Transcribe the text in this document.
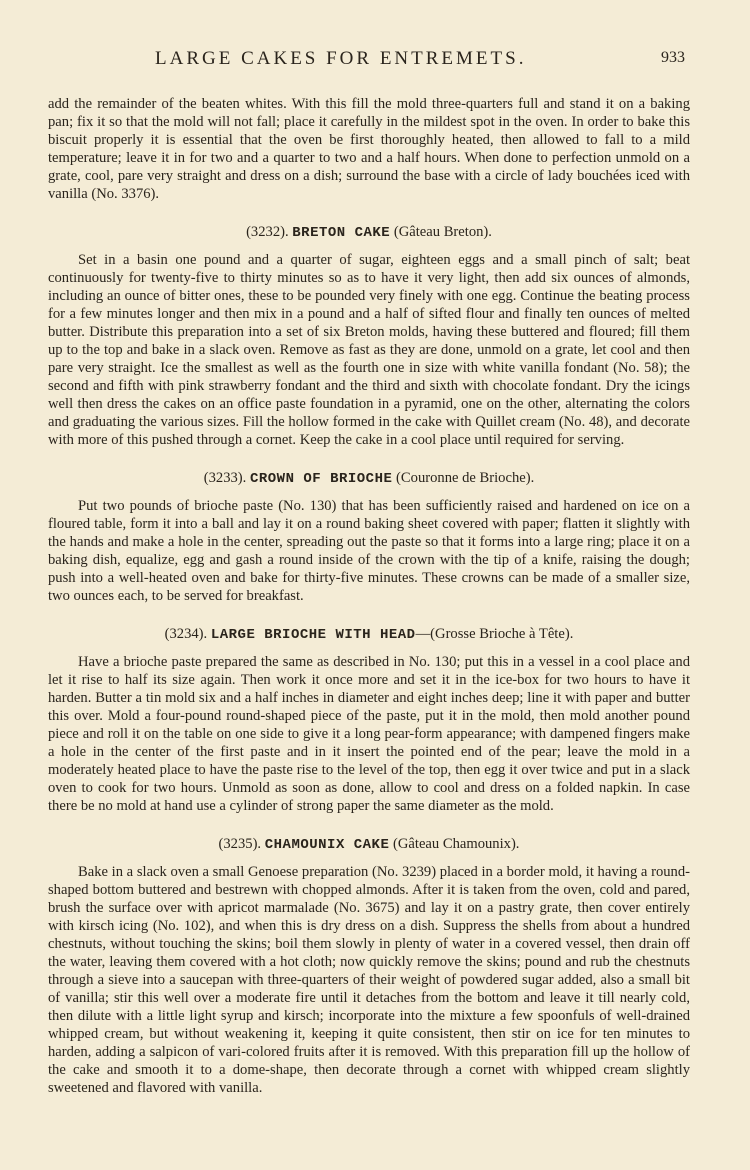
LARGE CAKES FOR ENTREMETS.	933

add the remainder of the beaten whites. With this fill the mold three-quarters full and stand it on a baking pan; fix it so that the mold will not fall; place it carefully in the mildest spot in the oven. In order to bake this biscuit properly it is essential that the oven be first thoroughly heated, then allowed to fall to a mild temperature; leave it in for two and a quarter to two and a half hours. When done to perfection unmold on a grate, cool, pare very straight and dress on a dish; surround the base with a circle of lady bouchées iced with vanilla (No. 3376).

(3232). BRETON CAKE (Gâteau Breton).

Set in a basin one pound and a quarter of sugar, eighteen eggs and a small pinch of salt; beat continuously for twenty-five to thirty minutes so as to have it very light, then add six ounces of almonds, including an ounce of bitter ones, these to be pounded very finely with one egg. Continue the beating process for a few minutes longer and then mix in a pound and a half of sifted flour and finally ten ounces of melted butter. Distribute this preparation into a set of six Breton molds, having these buttered and floured; fill them up to the top and bake in a slack oven. Remove as fast as they are done, unmold on a grate, let cool and then pare very straight. Ice the smallest as well as the fourth one in size with white vanilla fondant (No. 58); the second and fifth with pink strawberry fondant and the third and sixth with chocolate fondant. Dry the icings well then dress the cakes on an office paste foundation in a pyramid, one on the other, alternating the colors and graduating the various sizes. Fill the hollow formed in the cake with Quillet cream (No. 48), and decorate with more of this pushed through a cornet. Keep the cake in a cool place until required for serving.

(3233). CROWN OF BRIOCHE (Couronne de Brioche).

Put two pounds of brioche paste (No. 130) that has been sufficiently raised and hardened on ice on a floured table, form it into a ball and lay it on a round baking sheet covered with paper; flatten it slightly with the hands and make a hole in the center, spreading out the paste so that it forms into a large ring; place it on a baking dish, equalize, egg and gash a round inside of the crown with the tip of a knife, raising the dough; push into a well-heated oven and bake for thirty-five minutes. These crowns can be made of a smaller size, two ounces each, to be served for breakfast.

(3234). LARGE BRIOCHE WITH HEAD—(Grosse Brioche à Tête).

Have a brioche paste prepared the same as described in No. 130; put this in a vessel in a cool place and let it rise to half its size again. Then work it once more and set it in the ice-box for two hours to have it harden. Butter a tin mold six and a half inches in diameter and eight inches deep; line it with paper and butter this over. Mold a four-pound round-shaped piece of the paste, put it in the mold, then mold another pound piece and roll it on the table on one side to give it a long pear-form appearance; with dampened fingers make a hole in the center of the first paste and in it insert the pointed end of the pear; leave the mold in a moderately heated place to have the paste rise to the level of the top, then egg it over twice and put in a slack oven to cook for two hours. Unmold as soon as done, allow to cool and dress on a folded napkin. In case there be no mold at hand use a cylinder of strong paper the same diameter as the mold.

(3235). CHAMOUNIX CAKE (Gâteau Chamounix).

Bake in a slack oven a small Genoese preparation (No. 3239) placed in a border mold, it having a round-shaped bottom buttered and bestrewn with chopped almonds. After it is taken from the oven, cold and pared, brush the surface over with apricot marmalade (No. 3675) and lay it on a pastry grate, then cover entirely with kirsch icing (No. 102), and when this is dry dress on a dish. Suppress the shells from about a hundred chestnuts, without touching the skins; boil them slowly in plenty of water in a covered vessel, then drain off the water, leaving them covered with a hot cloth; now quickly remove the skins; pound and rub the chestnuts through a sieve into a saucepan with three-quarters of their weight of powdered sugar added, also a small bit of vanilla; stir this well over a moderate fire until it detaches from the bottom and leave it till nearly cold, then dilute with a little light syrup and kirsch; incorporate into the mixture a few spoonfuls of well-drained whipped cream, but without weakening it, keeping it quite consistent, then stir on ice for ten minutes to harden, adding a salpicon of vari-colored fruits after it is removed. With this preparation fill up the hollow of the cake and smooth it to a dome-shape, then decorate through a cornet with whipped cream slightly sweetened and flavored with vanilla.
